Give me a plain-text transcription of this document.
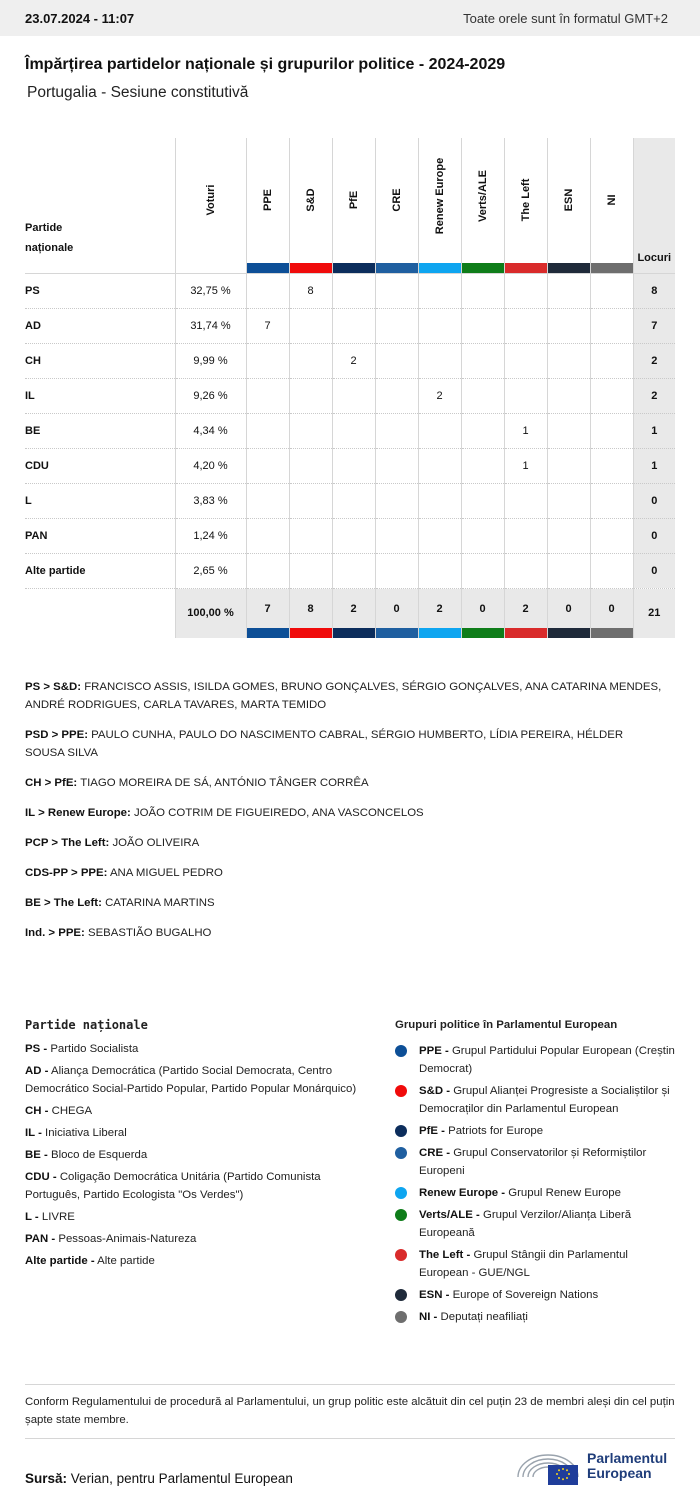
23.07.2024 - 11:07	Toate orele sunt în formatul GMT+2
Împărțirea partidelor naționale și grupurilor politice - 2024-2029
Portugalia - Sesiune constitutivă
Partide naționale	Voturi	PPE	S&D	PfE	CRE	Renew Europe	Verts/ALE	The Left	ESN	NI	Locuri

PS	32,75 %		8								8
AD	31,74 %	7									7
CH	9,99 %			2							2
IL	9,26 %					2					2
BE	4,34 %							1			1
CDU	4,20 %							1			1
L	3,83 %										0
PAN	1,24 %										0
Alte partide	2,65 %										0
	100,00 %	7	8	2	0	2	0	2	0	0	21

PS > S&D: FRANCISCO ASSIS, ISILDA GOMES, BRUNO GONÇALVES, SÉRGIO GONÇALVES, ANA CATARINA MENDES, ANDRÉ RODRIGUES, CARLA TAVARES, MARTA TEMIDO

PSD > PPE: PAULO CUNHA, PAULO DO NASCIMENTO CABRAL, SÉRGIO HUMBERTO, LÍDIA PEREIRA, HÉLDER SOUSA SILVA

CH > PfE: TIAGO MOREIRA DE SÁ, ANTÓNIO TÂNGER CORRÊA

IL > Renew Europe: JOÃO COTRIM DE FIGUEIREDO, ANA VASCONCELOS

PCP > The Left: JOÃO OLIVEIRA

CDS-PP > PPE: ANA MIGUEL PEDRO

BE > The Left: CATARINA MARTINS

Ind. > PPE: SEBASTIÃO BUGALHO

Partide naționale
PS - Partido Socialista
AD - Aliança Democrática (Partido Social Democrata, Centro Democrático Social-Partido Popular, Partido Popular Monárquico)
CH - CHEGA
IL - Iniciativa Liberal
BE - Bloco de Esquerda
CDU - Coligação Democrática Unitária (Partido Comunista Português, Partido Ecologista "Os Verdes")
L - LIVRE
PAN - Pessoas-Animais-Natureza
Alte partide - Alte partide
Grupuri politice în Parlamentul European
PPE - Grupul Partidului Popular European (Creștin Democrat)
S&D - Grupul Alianței Progresiste a Socialiștilor și Democraților din Parlamentul European
PfE - Patriots for Europe
CRE - Grupul Conservatorilor și Reformiștilor Europeni
Renew Europe - Grupul Renew Europe
Verts/ALE - Grupul Verzilor/Alianța Liberă Europeană
The Left - Grupul Stângii din Parlamentul European - GUE/NGL
ESN - Europe of Sovereign Nations
NI - Deputați neafiliați
Conform Regulamentului de procedură al Parlamentului, un grup politic este alcătuit din cel puțin 23 de membri aleși din cel puțin șapte state membre.
Sursă: Verian, pentru Parlamentul European
Parlamentul
European
